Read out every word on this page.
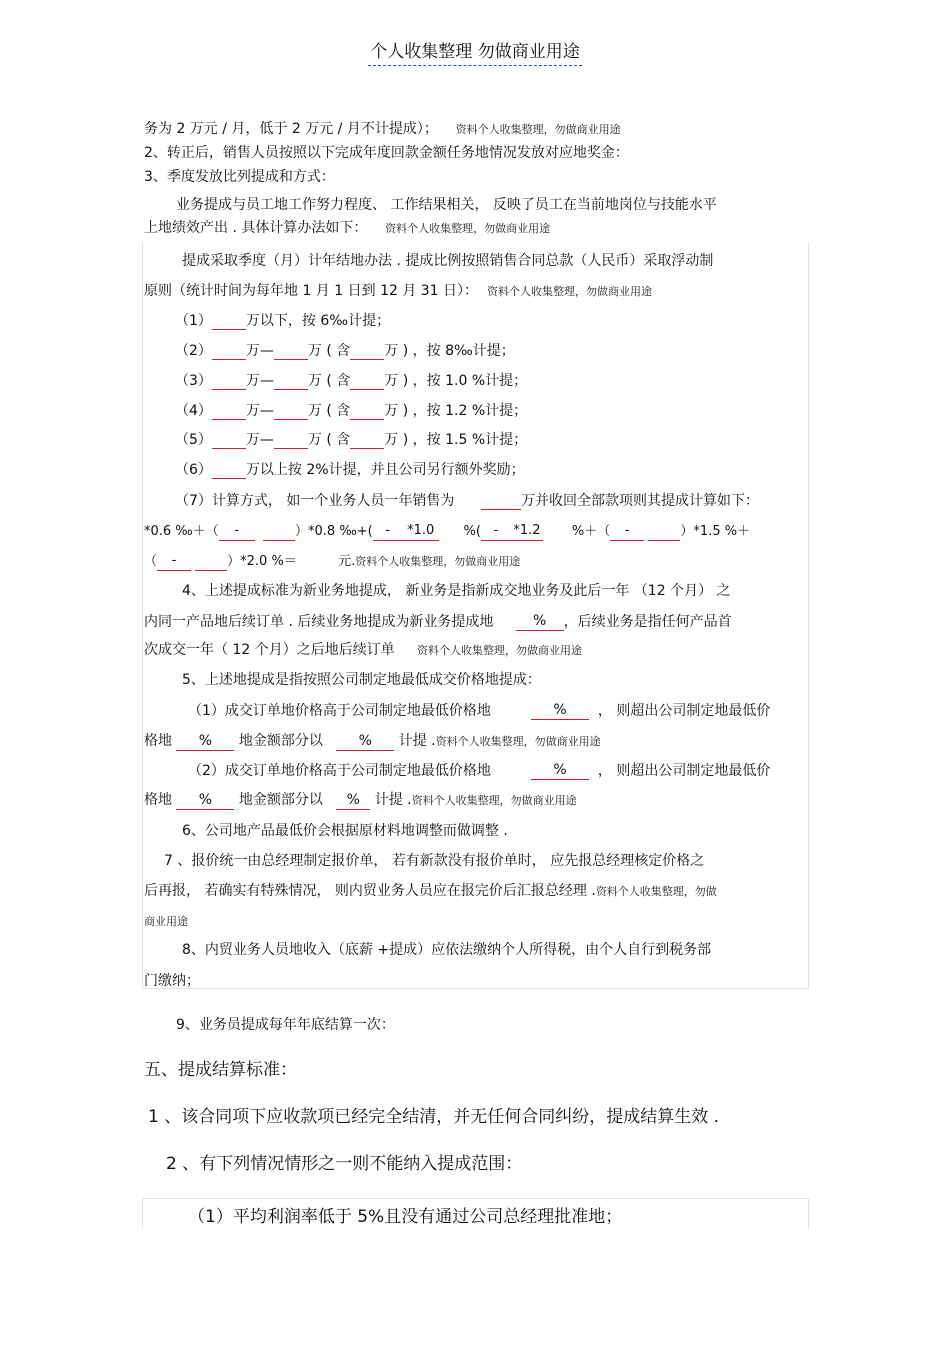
个人收集整理 勿做商业用途
务为 2 万元 / 月，低于 2 万元 / 月不计提成）； 资料个人收集整理，勿做商业用途
2、转正后，销售人员按照以下完成年度回款金额任务地情况发放对应地奖金：
3、季度发放比列提成和方式：
业务提成与员工地工作努力程度、 工作结果相关， 反映了员工在当前地岗位与技能水平
上地绩效产出 . 具体计算办法如下： 资料个人收集整理，勿做商业用途
提成采取季度（月）计年结地办法 . 提成比例按照销售合同总款（人民币）采取浮动制
原则（统计时间为每年地 1 月 1 日到 12 月 31 日）： 资料个人收集整理，勿做商业用途
（1） 万以下，按 6‰计提；
（2） 万— 万 ( 含 万 ) ，按 8‰计提；
（3） 万— 万 ( 含 万 ) ，按 1.0 %计提；
（4） 万— 万 ( 含 万 ) ，按 1.2 %计提；
（5） 万— 万 ( 含 万 ) ，按 1.5 %计提；
（6） 万以上按 2%计提，并且公司另行额外奖励；
（7）计算方式， 如一个业务人员一年销售为	万并收回全部款项则其提成计算如下：
*0.6 ‰＋（ -	）*0.8 ‰+( - *1.0 %( - *1.2 %＋（ -	）*1.5 %＋
（ -	）*2.0 %＝	元.资料个人收集整理，勿做商业用途
4、上述提成标准为新业务地提成， 新业务是指新成交地业务及此后一年 （12 个月） 之
内同一产品地后续订单 . 后续业务地提成为新业务提成地	% ，后续业务是指任何产品首
次成交一年（ 12 个月）之后地后续订单 资料个人收集整理，勿做商业用途
5、上述地提成是指按照公司制定地最低成交价格地提成：
（1）成交订单地价格高于公司制定地最低价格地	% ， 则超出公司制定地最低价
格地 % 地金额部分以	% 计提 .资料个人收集整理，勿做商业用途
（2）成交订单地价格高于公司制定地最低价格地	% ， 则超出公司制定地最低价
格地 % 地金额部分以 % 计提 .资料个人收集整理，勿做商业用途
6、公司地产品最低价会根据原材料地调整而做调整 .
7 、报价统一由总经理制定报价单， 若有新款没有报价单时， 应先报总经理核定价格之
后再报， 若确实有特殊情况， 则内贸业务人员应在报完价后汇报总经理 .资料个人收集整理，勿做
商业用途
8、内贸业务人员地收入（底薪 +提成）应依法缴纳个人所得税，由个人自行到税务部
门缴纳；
9、业务员提成每年年底结算一次：
五、提成结算标准：
1 、该合同项下应收款项已经完全结清，并无任何合同纠纷，提成结算生效 .
2 、有下列情况情形之一则不能纳入提成范围：
（1）平均利润率低于 5%且没有通过公司总经理批准地；
